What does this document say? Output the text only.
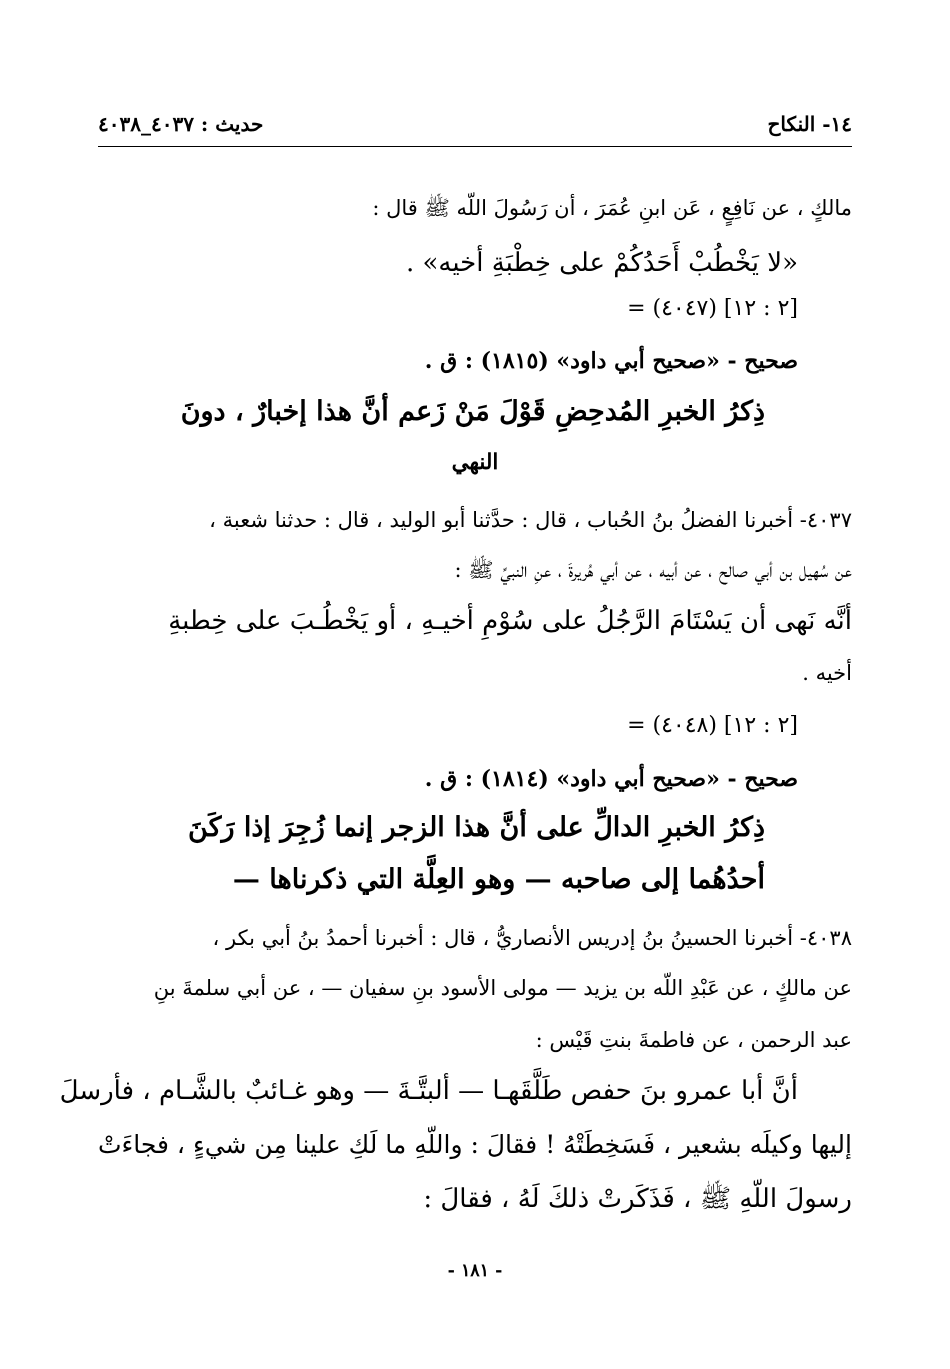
١٤- النكاح
حديث : ٤٠٣٧_٤٠٣٨
مالكٍ ، عن نَافِعٍ ، عَن ابنِ عُمَرَ ، أن رَسُولَ اللّه ﷺ قال :
«لا يَخْطُبْ أَحَدُكُمْ على خِطْبَةِ أخيه» .
= (٤٠٤٧) [٢ : ١٢]
صحيح - «صحيح أبي داود» (١٨١٥) : ق .
ذِكرُ الخبرِ المُدحِضِ قَوْلَ مَنْ زَعم أنَّ هذا إخبارٌ ، دونَ
النهي
٤٠٣٧- أخبرنا الفضلُ بنُ الحُباب ، قال : حدَّثنا أبو الوليد ، قال : حدثنا شعبة ،
عن سُهيل بن أبي صالح ، عن أبيه ، عن أبي هُريرةَ ، عنِ النبيِّ ﷺ :
أنَّه نَهى أن يَسْتَامَ الرَّجُلُ على سُوْمِ أخيـهِ ، أو يَخْطُـبَ على خِطبةِ
أخيه .
= (٤٠٤٨) [٢ : ١٢]
صحيح - «صحيح أبي داود» (١٨١٤) : ق .
ذِكرُ الخبرِ الدالِّ على أنَّ هذا الزجر إنما زُجِرَ إذا رَكَنَ
أحدُهُما إلى صاحبه — وهو العِلَّة التي ذكرناها —
٤٠٣٨- أخبرنا الحسينُ بنُ إدريس الأنصاريُّ ، قال : أخبرنا أحمدُ بنُ أبي بكر ،
عن مالكٍ ، عن عَبْدِ اللّه بن يزيد — مولى الأسود بنِ سفيان — ، عن أبي سلمةَ بنِ
عبد الرحمن ، عن فاطمةَ بنتِ قَيْس :
أنَّ أبا عمرو بنَ حفص طَلَّقَهـا — ألبتَّـةَ — وهو غـائبٌ بالشَّـام ، فأرسلَ
إليها وكيلَه بشعير ، فَسَخِطَتْهُ ! فقالَ : واللّهِ ما لَكِ علينا مِن شيءٍ ، فجاءَتْ
رسولَ اللّهِ ﷺ ، فَذَكَرتْ ذلكَ لَهُ ، فقالَ :
- ١٨١ -
